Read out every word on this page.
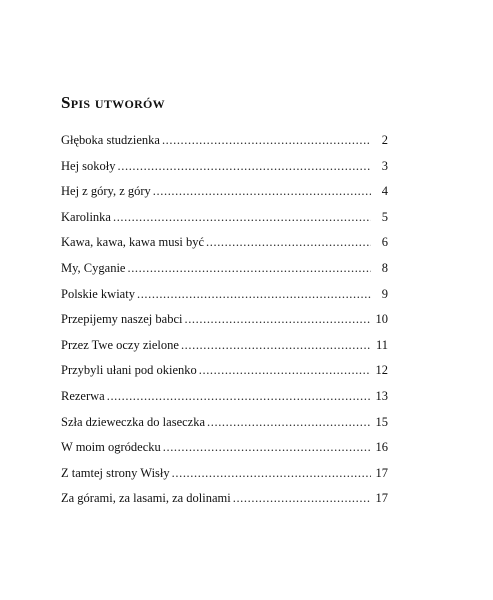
Spis utworów
Głęboka studzienka .....	2
Hej sokoły .....	3
Hej z góry, z góry .....	4
Karolinka .....	5
Kawa, kawa, kawa musi być .....	6
My, Cyganie .....	8
Polskie kwiaty .....	9
Przepijemy naszej babci .....	10
Przez Twe oczy zielone .....	11
Przybyli ułani pod okienko .....	12
Rezerwa .....	13
Szła dzieweczka do laseczka .....	15
W moim ogródecku .....	16
Z tamtej strony Wisły .....	17
Za górami, za lasami, za dolinami .....	17
